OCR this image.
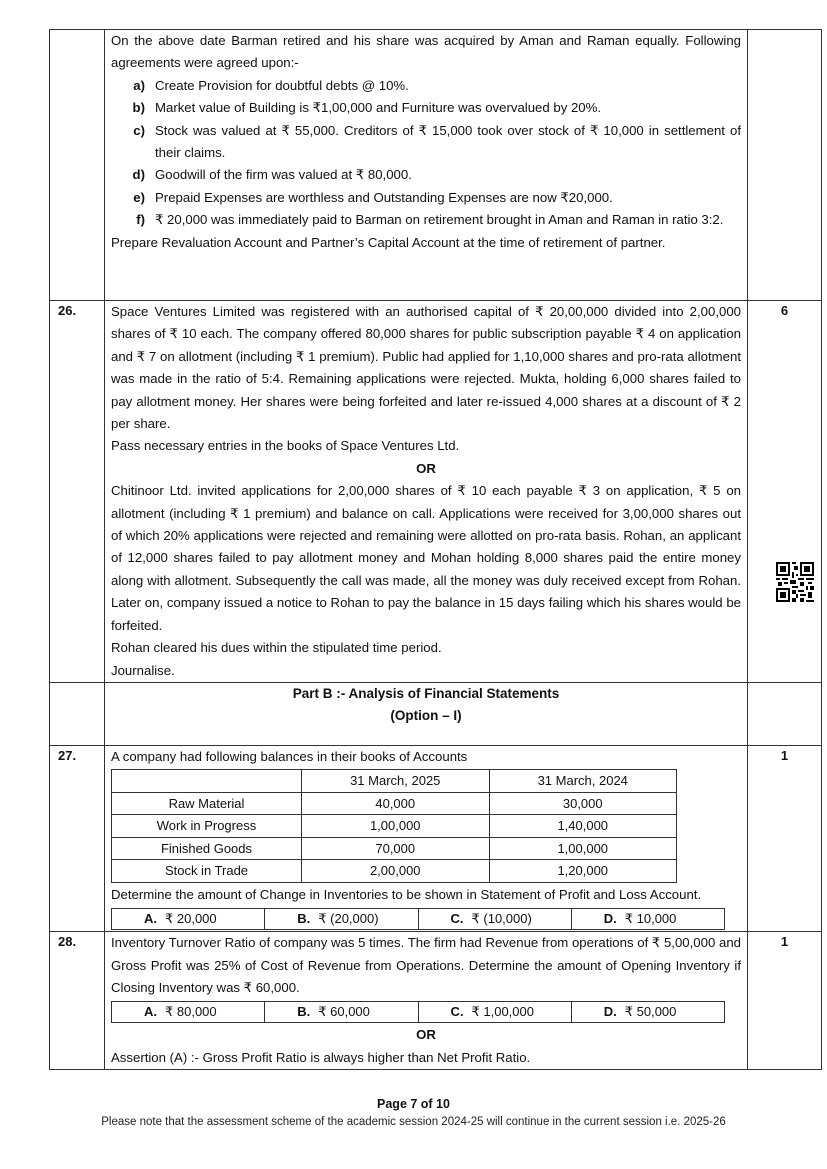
On the above date Barman retired and his share was acquired by Aman and Raman equally. Following agreements were agreed upon:-

a) Create Provision for doubtful debts @ 10%.
b) Market value of Building is ₹1,00,000 and Furniture was overvalued by 20%.
c) Stock was valued at ₹ 55,000. Creditors of ₹ 15,000 took over stock of ₹ 10,000 in settlement of their claims.
d) Goodwill of the firm was valued at ₹ 80,000.
e) Prepaid Expenses are worthless and Outstanding Expenses are now ₹20,000.
f) ₹ 20,000 was immediately paid to Barman on retirement brought in Aman and Raman in ratio 3:2.

Prepare Revaluation Account and Partner’s Capital Account at the time of retirement of partner.

26.	Space Ventures Limited was registered with an authorised capital of ₹ 20,00,000 divided into 2,00,000 shares of ₹ 10 each. The company offered 80,000 shares for public subscription payable ₹ 4 on application and ₹ 7 on allotment (including ₹ 1 premium). Public had applied for 1,10,000 shares and pro-rata allotment was made in the ratio of 5:4. Remaining applications were rejected. Mukta, holding 6,000 shares failed to pay allotment money. Her shares were being forfeited and later re-issued 4,000 shares at a discount of ₹ 2 per share.

Pass necessary entries in the books of Space Ventures Ltd.

OR

Chitinoor Ltd. invited applications for 2,00,000 shares of ₹ 10 each payable ₹ 3 on application, ₹ 5 on allotment (including ₹ 1 premium) and balance on call. Applications were received for 3,00,000 shares out of which 20% applications were rejected and remaining were allotted on pro-rata basis. Rohan, an applicant of 12,000 shares failed to pay allotment money and Mohan holding 8,000 shares paid the entire money along with allotment. Subsequently the call was made, all the money was duly received except from Rohan. Later on, company issued a notice to Rohan to pay the balance in 15 days failing which his shares would be forfeited.

Rohan cleared his dues within the stipulated time period.

Journalise.

	6

Part B :- Analysis of Financial Statements
(Option – I)

27.	A company had following balances in their books of Accounts

	31 March, 2025	31 March, 2024
Raw Material	40,000	30,000
Work in Progress	1,00,000	1,40,000
Finished Goods	70,000	1,00,000
Stock in Trade	2,00,000	1,20,000

Determine the amount of Change in Inventories to be shown in Statement of Profit and Loss Account.

A. ₹ 20,000	B. ₹ (20,000)	C. ₹ (10,000)	D. ₹ 10,000
	1
28.	Inventory Turnover Ratio of company was 5 times. The firm had Revenue from operations of ₹ 5,00,000 and Gross Profit was 25% of Cost of Revenue from Operations. Determine the amount of Opening Inventory if Closing Inventory was ₹ 60,000.

A. ₹ 80,000	B. ₹ 60,000	C. ₹ 1,00,000	D. ₹ 50,000

OR

Assertion (A) :- Gross Profit Ratio is always higher than Net Profit Ratio.

	1
Page 7 of 10
Please note that the assessment scheme of the academic session 2024-25 will continue in the current session i.e. 2025-26
